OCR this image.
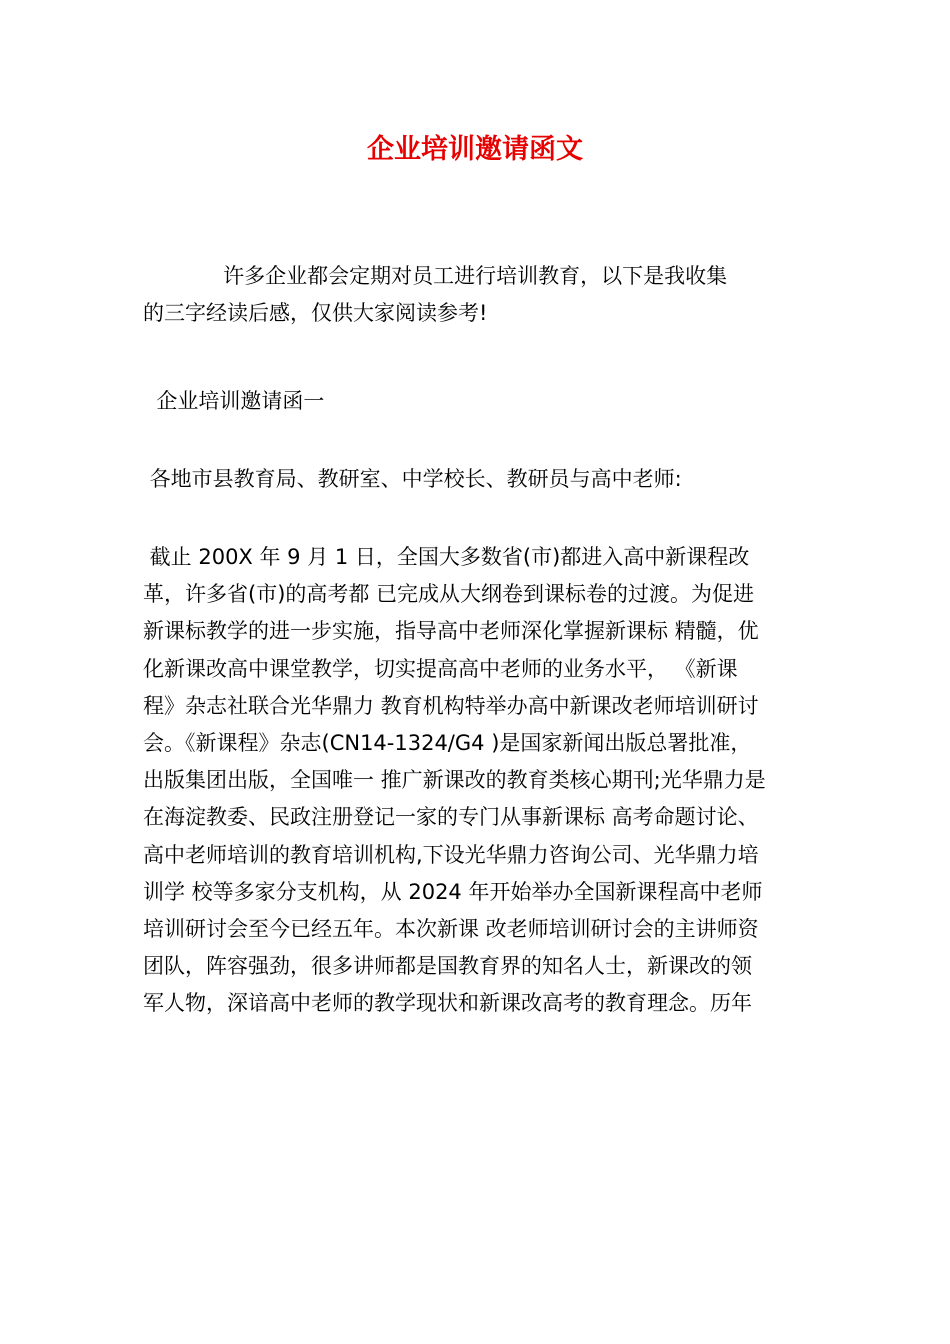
企业培训邀请函文

许多企业都会定期对员工进行培训教育，以下是我收集
的三字经读后感，仅供大家阅读参考!

企业培训邀请函一

各地市县教育局、教研室、中学校长、教研员与高中老师:

截止 200X 年 9 月 1 日，全国大多数省(市)都进入高中新课程改
革，许多省(市)的高考都 已完成从大纲卷到课标卷的过渡。为促进
新课标教学的进一步实施，指导高中老师深化掌握新课标 精髓，优
化新课改高中课堂教学，切实提高高中老师的业务水平， 《新课
程》杂志社联合光华鼎力 教育机构特举办高中新课改老师培训研讨
会。《新课程》杂志(CN14-1324/G4 )是国家新闻出版总署批准，
出版集团出版，全国唯一 推广新课改的教育类核心期刊;光华鼎力是
在海淀教委、民政注册登记一家的专门从事新课标 高考命题讨论、
高中老师培训的教育培训机构,下设光华鼎力咨询公司、光华鼎力培
训学 校等多家分支机构，从 2024 年开始举办全国新课程高中老师
培训研讨会至今已经五年。本次新课 改老师培训研讨会的主讲师资
团队，阵容强劲，很多讲师都是国教育界的知名人士，新课改的领
军人物，深谙高中老师的教学现状和新课改高考的教育理念。历年
